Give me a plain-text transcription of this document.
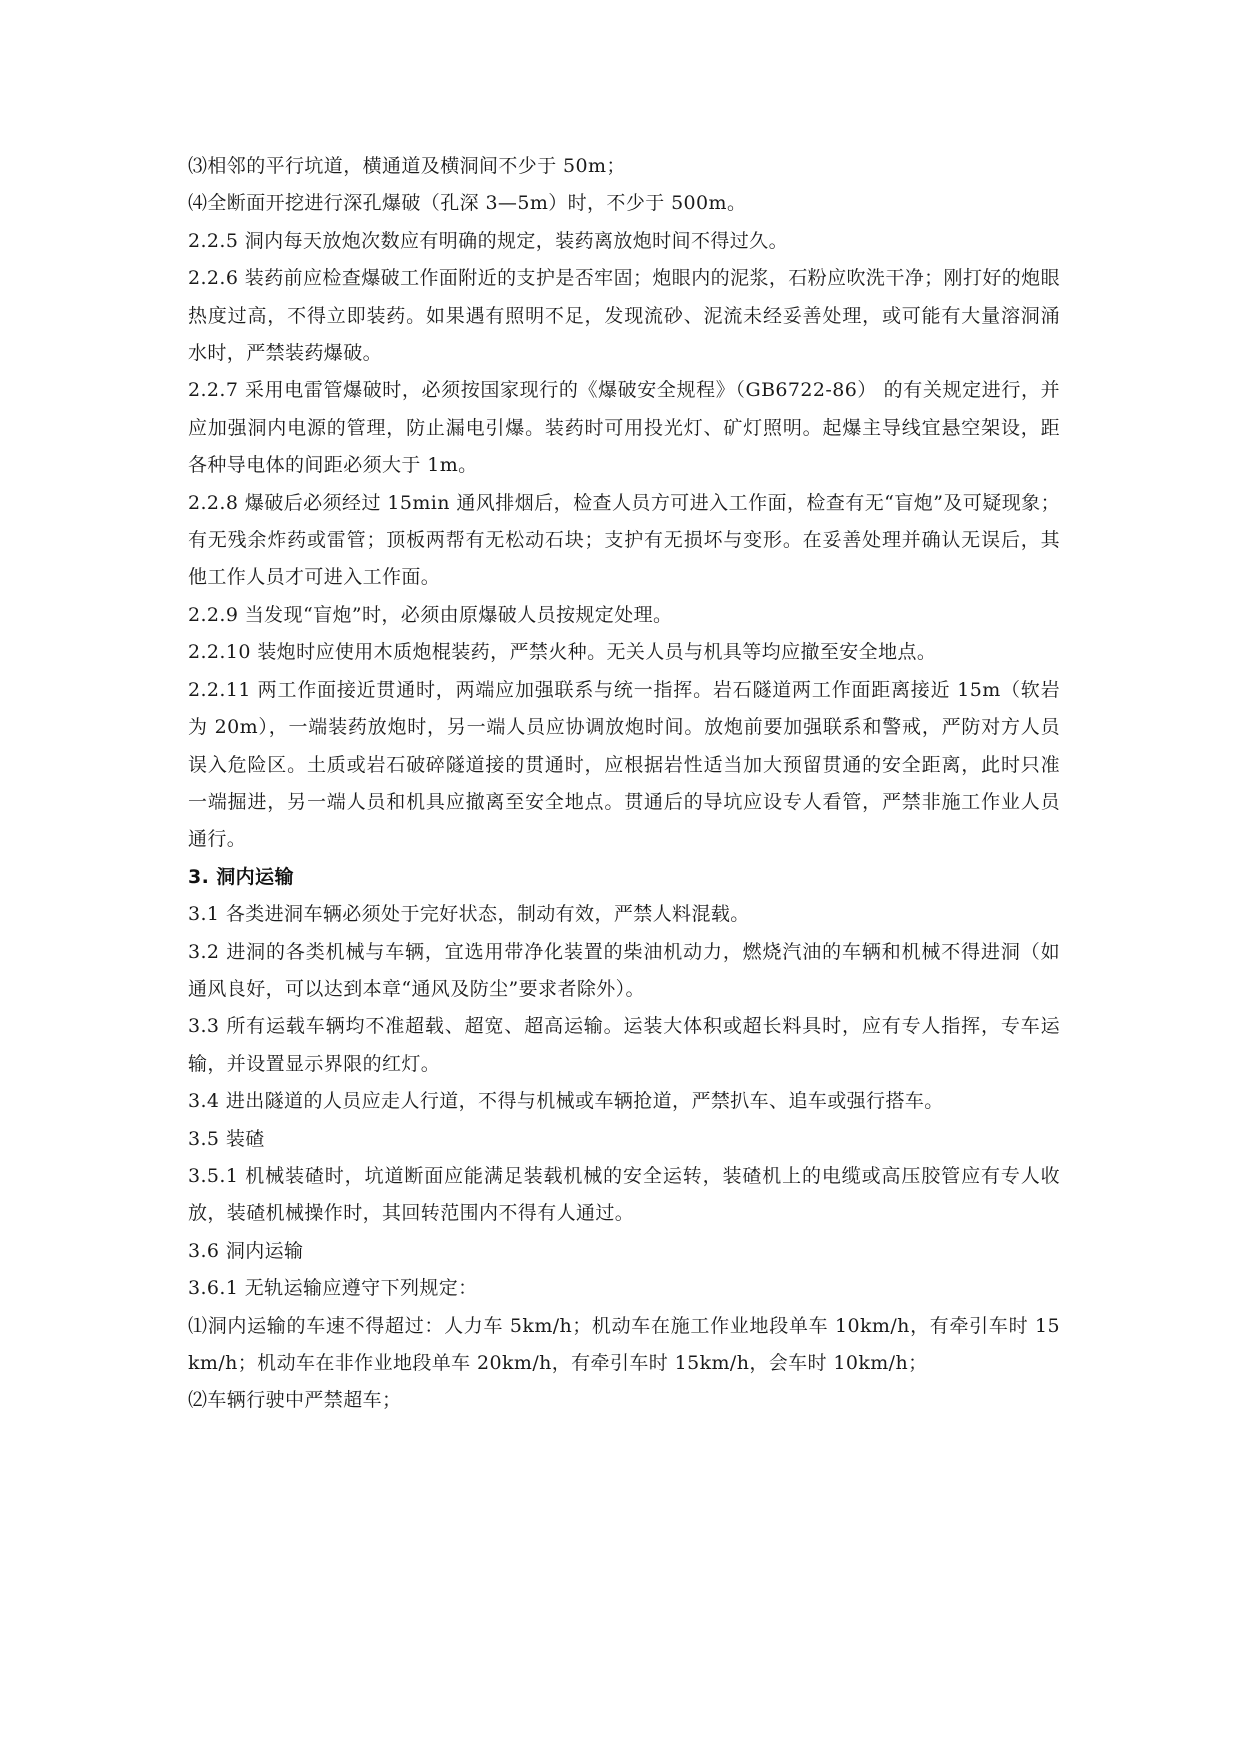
⑶相邻的平行坑道，横通道及横洞间不少于 50m；

⑷全断面开挖进行深孔爆破（孔深 3—5m）时，不少于 500m。

2.2.5 洞内每天放炮次数应有明确的规定，装药离放炮时间不得过久。

2.2.6 装药前应检查爆破工作面附近的支护是否牢固；炮眼内的泥浆，石粉应吹洗干净；刚打好的炮眼热度过高，不得立即装药。如果遇有照明不足，发现流砂、泥流未经妥善处理，或可能有大量溶洞涌水时，严禁装药爆破。

2.2.7 采用电雷管爆破时，必须按国家现行的《爆破安全规程》（GB6722-86） 的有关规定进行，并应加强洞内电源的管理，防止漏电引爆。装药时可用投光灯、矿灯照明。起爆主导线宜悬空架设，距各种导电体的间距必须大于 1m。

2.2.8 爆破后必须经过 15min 通风排烟后，检查人员方可进入工作面，检查有无“盲炮”及可疑现象；有无残余炸药或雷管；顶板两帮有无松动石块；支护有无损坏与变形。在妥善处理并确认无误后，其他工作人员才可进入工作面。

2.2.9 当发现“盲炮”时，必须由原爆破人员按规定处理。

2.2.10 装炮时应使用木质炮棍装药，严禁火种。无关人员与机具等均应撤至安全地点。

2.2.11 两工作面接近贯通时，两端应加强联系与统一指挥。岩石隧道两工作面距离接近 15m（软岩为 20m），一端装药放炮时，另一端人员应协调放炮时间。放炮前要加强联系和警戒，严防对方人员误入危险区。土质或岩石破碎隧道接的贯通时，应根据岩性适当加大预留贯通的安全距离，此时只准一端掘进，另一端人员和机具应撤离至安全地点。贯通后的导坑应设专人看管，严禁非施工作业人员通行。

3. 洞内运输

3.1 各类进洞车辆必须处于完好状态，制动有效，严禁人料混载。

3.2 进洞的各类机械与车辆，宜选用带净化装置的柴油机动力，燃烧汽油的车辆和机械不得进洞（如通风良好，可以达到本章“通风及防尘”要求者除外）。

3.3 所有运载车辆均不准超载、超宽、超高运输。运装大体积或超长料具时，应有专人指挥，专车运输，并设置显示界限的红灯。

3.4 进出隧道的人员应走人行道，不得与机械或车辆抢道，严禁扒车、追车或强行搭车。

3.5 装碴

3.5.1 机械装碴时，坑道断面应能满足装载机械的安全运转，装碴机上的电缆或高压胶管应有专人收放，装碴机械操作时，其回转范围内不得有人通过。

3.6 洞内运输

3.6.1 无轨运输应遵守下列规定：

⑴洞内运输的车速不得超过：人力车 5km/h；机动车在施工作业地段单车 10km/h，有牵引车时 15km/h；机动车在非作业地段单车 20km/h，有牵引车时 15km/h，会车时 10km/h；

⑵车辆行驶中严禁超车；
